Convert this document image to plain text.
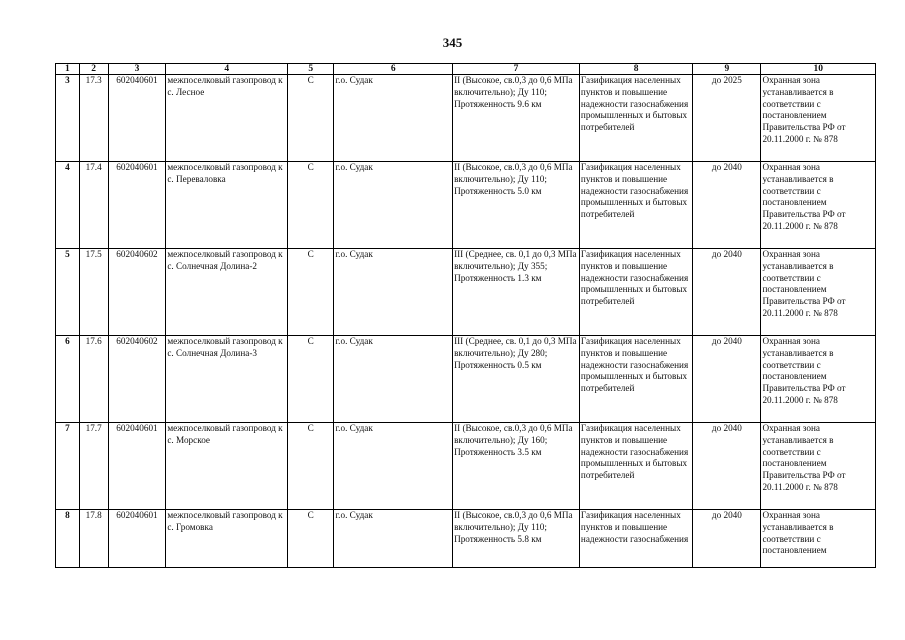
345
1	2	3	4	5	6	7	8	9	10
3	17.3	602040601	межпоселковый газопровод к с. Лесное	С	г.о. Судак	II (Высокое, св.0,3 до 0,6 МПа включительно); Ду 110; Протяженность 9.6 км	Газификация населенных пунктов и повышение надежности газоснабжения промышленных и бытовых потребителей	до 2025	Охранная зона устанавливается в соответствии с постановлением Правительства РФ от 20.11.2000 г. № 878
4	17.4	602040601	межпоселковый газопровод к с. Переваловка	С	г.о. Судак	II (Высокое, св.0,3 до 0,6 МПа включительно); Ду 110; Протяженность 5.0 км	Газификация населенных пунктов и повышение надежности газоснабжения промышленных и бытовых потребителей	до 2040	Охранная зона устанавливается в соответствии с постановлением Правительства РФ от 20.11.2000 г. № 878
5	17.5	602040602	межпоселковый газопровод к с. Солнечная Долина-2	С	г.о. Судак	III (Среднее, св. 0,1 до 0,3 МПа включительно); Ду 355; Протяженность 1.3 км	Газификация населенных пунктов и повышение надежности газоснабжения промышленных и бытовых потребителей	до 2040	Охранная зона устанавливается в соответствии с постановлением Правительства РФ от 20.11.2000 г. № 878
6	17.6	602040602	межпоселковый газопровод к с. Солнечная Долина-3	С	г.о. Судак	III (Среднее, св. 0,1 до 0,3 МПа включительно); Ду 280; Протяженность 0.5 км	Газификация населенных пунктов и повышение надежности газоснабжения промышленных и бытовых потребителей	до 2040	Охранная зона устанавливается в соответствии с постановлением Правительства РФ от 20.11.2000 г. № 878
7	17.7	602040601	межпоселковый газопровод к с. Морское	С	г.о. Судак	II (Высокое, св.0,3 до 0,6 МПа включительно); Ду 160; Протяженность 3.5 км	Газификация населенных пунктов и повышение надежности газоснабжения промышленных и бытовых потребителей	до 2040	Охранная зона устанавливается в соответствии с постановлением Правительства РФ от 20.11.2000 г. № 878
8	17.8	602040601	межпоселковый газопровод к с. Громовка	С	г.о. Судак	II (Высокое, св.0,3 до 0,6 МПа включительно); Ду 110; Протяженность 5.8 км	Газификация населенных пунктов и повышение надежности газоснабжения	до 2040	Охранная зона устанавливается в соответствии с постановлением
